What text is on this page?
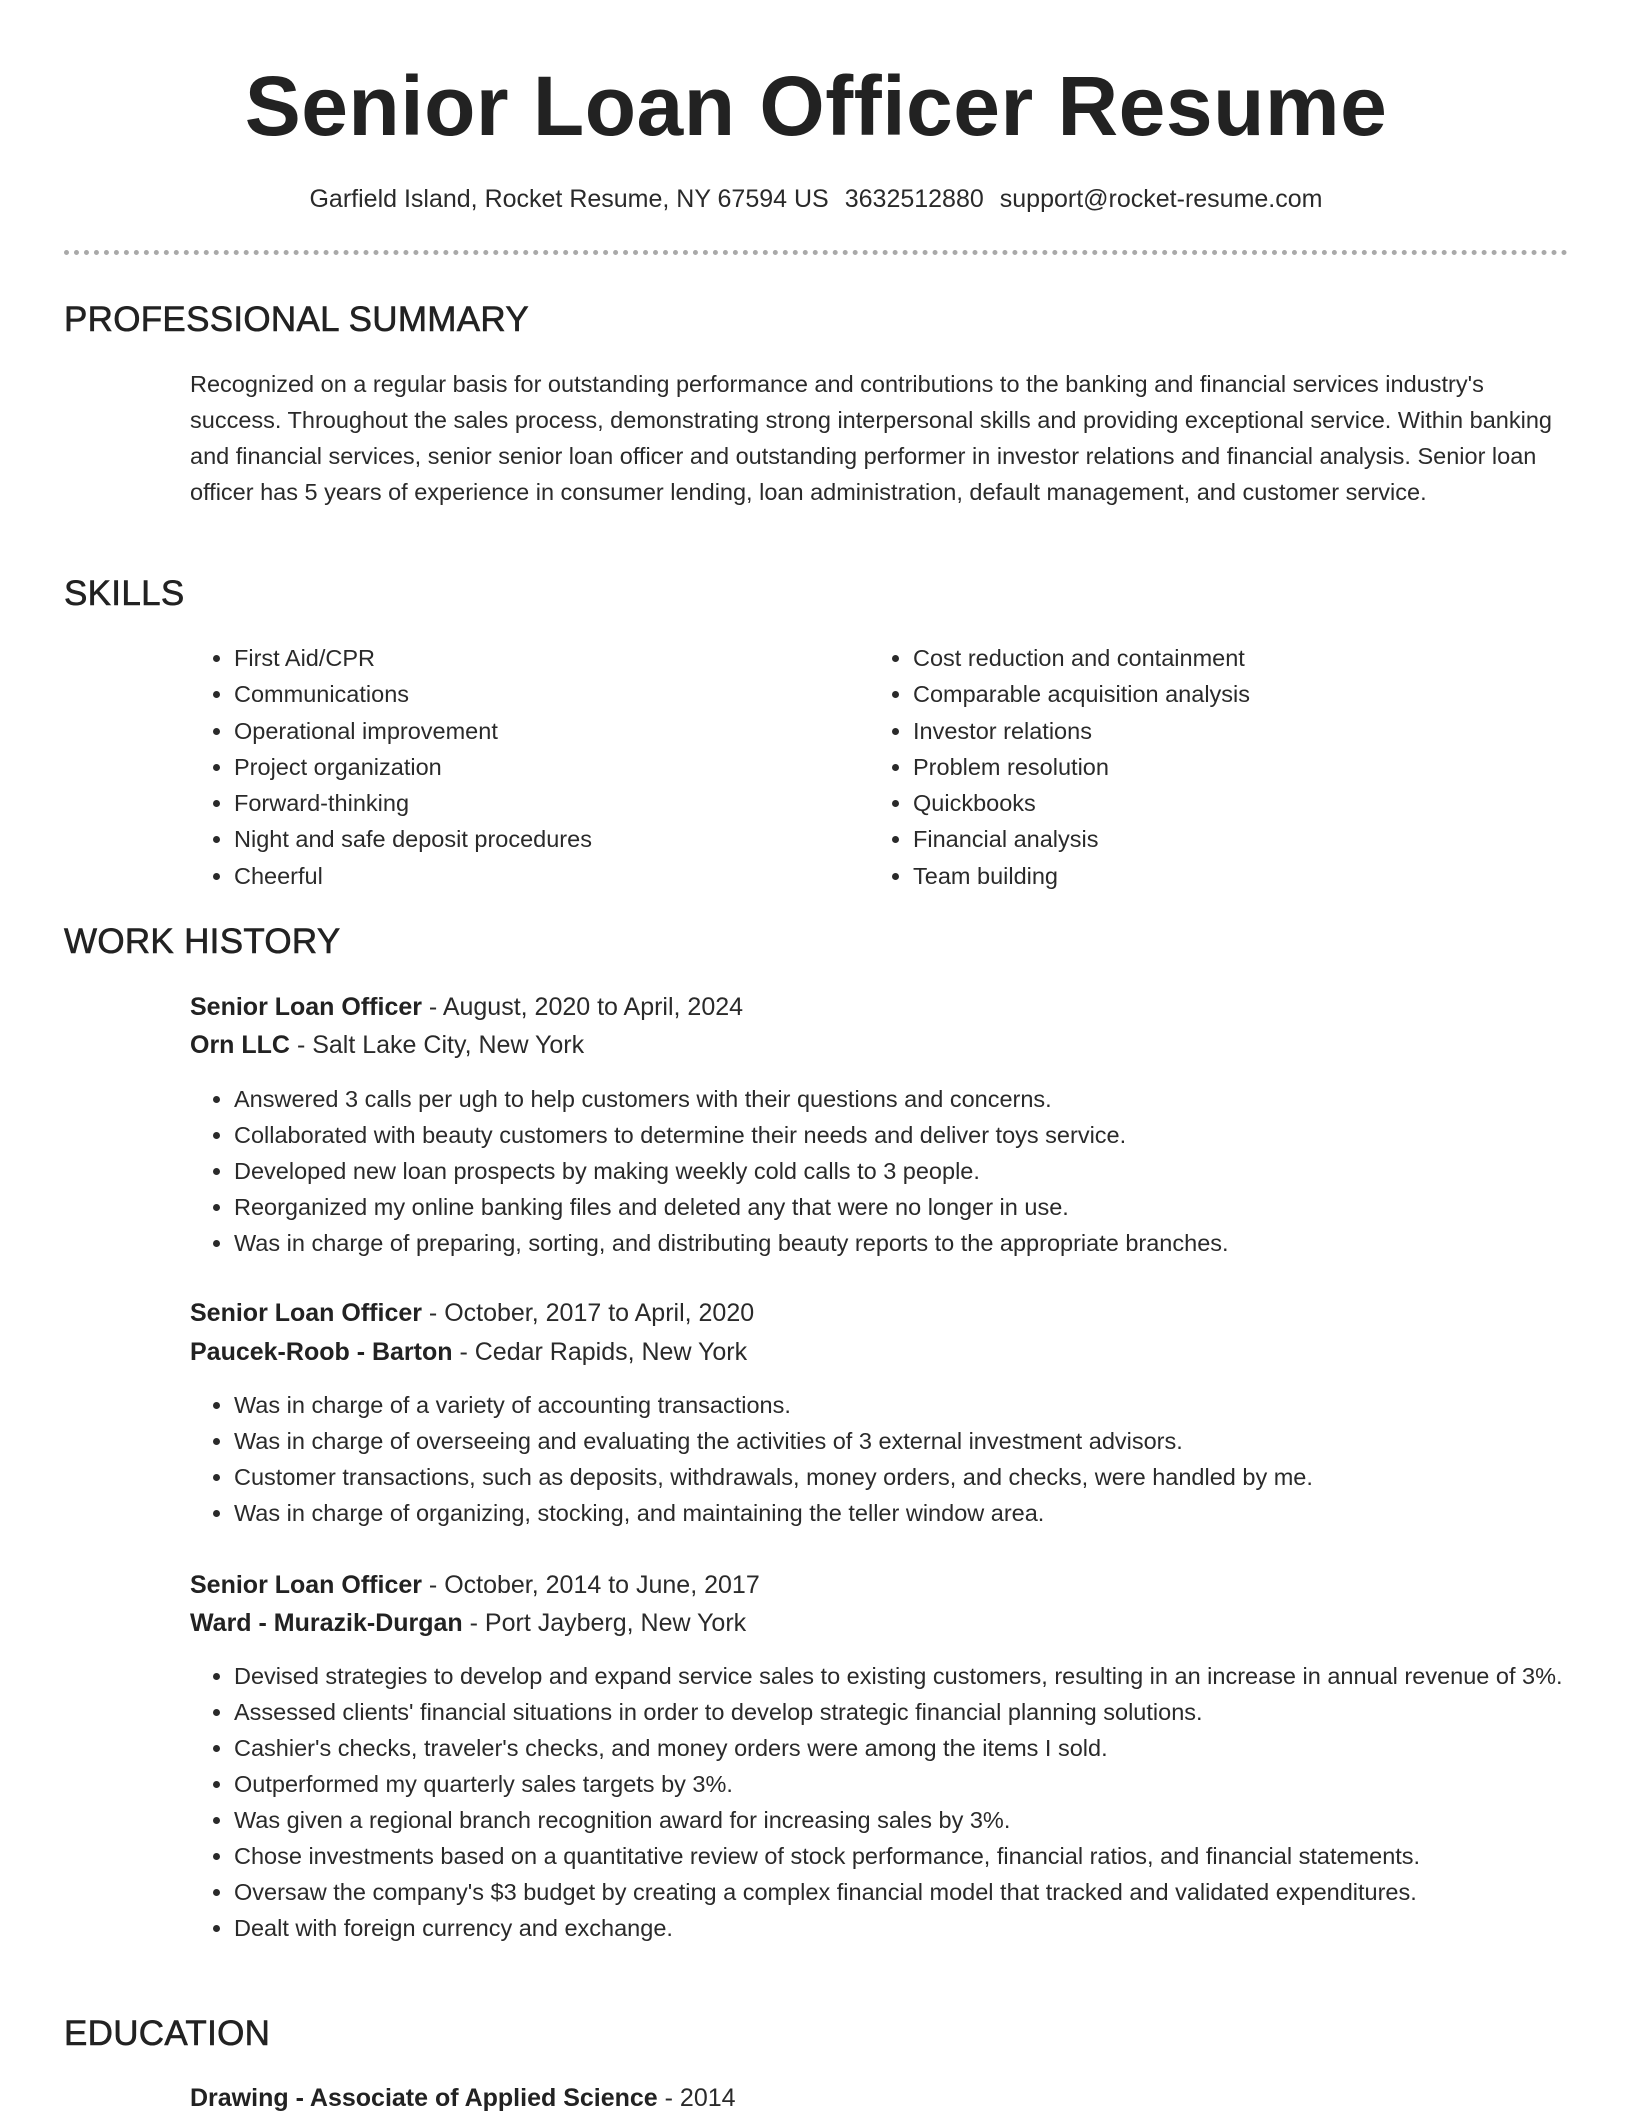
Senior Loan Officer Resume
Garfield Island, Rocket Resume, NY 67594 US 3632512880 support@rocket-resume.com
PROFESSIONAL SUMMARY

Recognized on a regular basis for outstanding performance and contributions to the banking and financial services industry's success. Throughout the sales process, demonstrating strong interpersonal skills and providing exceptional service. Within banking and financial services, senior senior loan officer and outstanding performer in investor relations and financial analysis. Senior loan officer has 5 years of experience in consumer lending, loan administration, default management, and customer service.

SKILLS
• First Aid/CPR
• Communications
• Operational improvement
• Project organization
• Forward-thinking
• Night and safe deposit procedures
• Cheerful
• Cost reduction and containment
• Comparable acquisition analysis
• Investor relations
• Problem resolution
• Quickbooks
• Financial analysis
• Team building
WORK HISTORY
Senior Loan Officer - August, 2020 to April, 2024
Orn LLC - Salt Lake City, New York
• Answered 3 calls per ugh to help customers with their questions and concerns.
• Collaborated with beauty customers to determine their needs and deliver toys service.
• Developed new loan prospects by making weekly cold calls to 3 people.
• Reorganized my online banking files and deleted any that were no longer in use.
• Was in charge of preparing, sorting, and distributing beauty reports to the appropriate branches.
Senior Loan Officer - October, 2017 to April, 2020
Paucek-Roob - Barton - Cedar Rapids, New York
• Was in charge of a variety of accounting transactions.
• Was in charge of overseeing and evaluating the activities of 3 external investment advisors.
• Customer transactions, such as deposits, withdrawals, money orders, and checks, were handled by me.
• Was in charge of organizing, stocking, and maintaining the teller window area.
Senior Loan Officer - October, 2014 to June, 2017
Ward - Murazik-Durgan - Port Jayberg, New York
• Devised strategies to develop and expand service sales to existing customers, resulting in an increase in annual revenue of 3%.
• Assessed clients' financial situations in order to develop strategic financial planning solutions.
• Cashier's checks, traveler's checks, and money orders were among the items I sold.
• Outperformed my quarterly sales targets by 3%.
• Was given a regional branch recognition award for increasing sales by 3%.
• Chose investments based on a quantitative review of stock performance, financial ratios, and financial statements.
• Oversaw the company's $3 budget by creating a complex financial model that tracked and validated expenditures.
• Dealt with foreign currency and exchange.
EDUCATION
Drawing - Associate of Applied Science - 2014
